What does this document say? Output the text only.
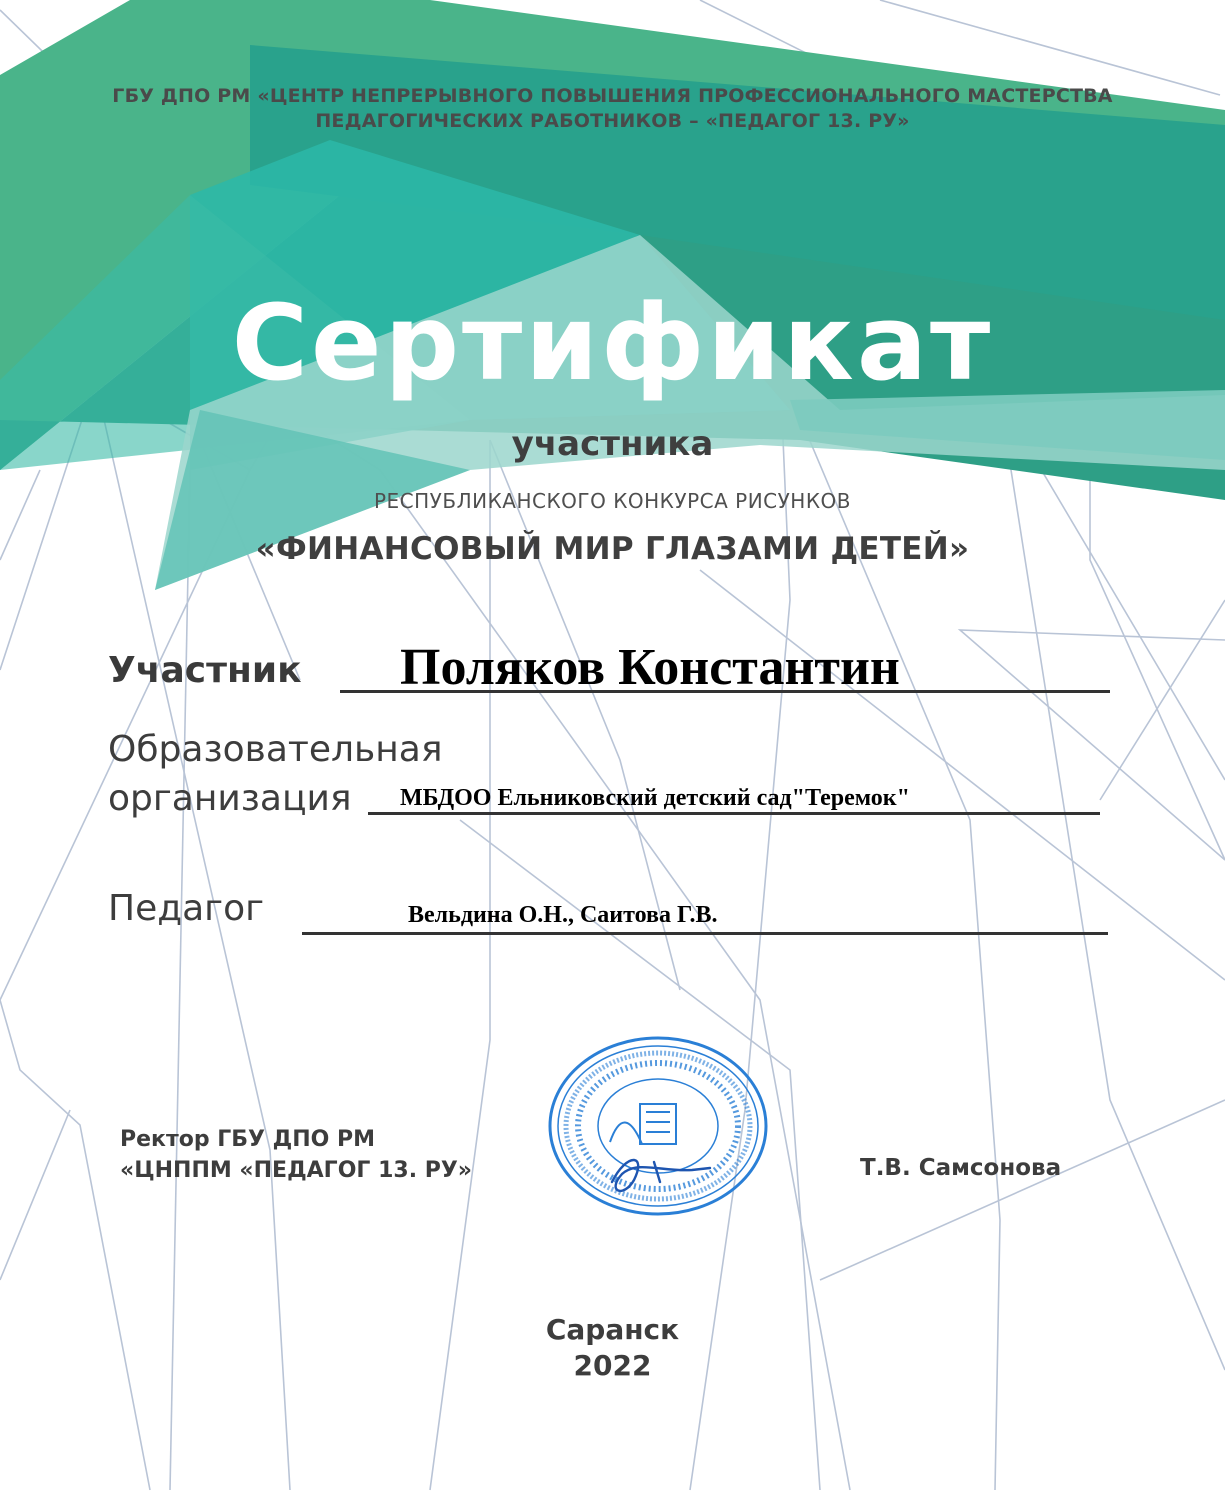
ГБУ ДПО РМ «ЦЕНТР НЕПРЕРЫВНОГО ПОВЫШЕНИЯ ПРОФЕССИОНАЛЬНОГО МАСТЕРСТВА
ПЕДАГОГИЧЕСКИХ РАБОТНИКОВ – «ПЕДАГОГ 13. РУ»
Сертификат
участника
РЕСПУБЛИКАНСКОГО КОНКУРСА РИСУНКОВ
«ФИНАНСОВЫЙ МИР ГЛАЗАМИ ДЕТЕЙ»
Участник Поляков Константин
Образовательная
организация МБДОО Ельниковский детский сад"Теремок"
Педагог	Вельдина О.Н., Саитова Г.В.
Ректор ГБУ ДПО РМ
«ЦНППМ «ПЕДАГОГ 13. РУ»	Т.В. Самсонова
Саранск
2022
